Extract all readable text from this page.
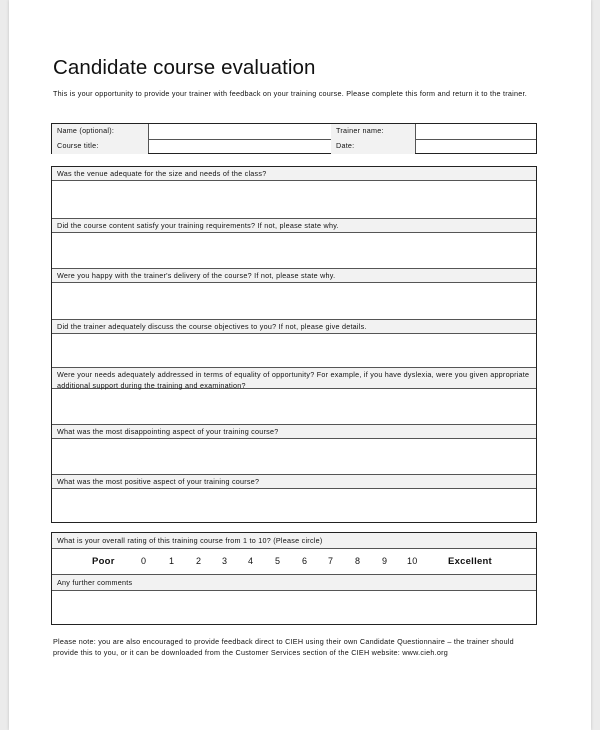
Candidate course evaluation

This is your opportunity to provide your trainer with feedback on your training course. Please complete this form and return it to the trainer.

Name (optional):	Trainer name:
Course title:	Date:
Was the venue adequate for the size and needs of the class?
Did the course content satisfy your training requirements? If not, please state why.
Were you happy with the trainer's delivery of the course? If not, please state why.
Did the trainer adequately discuss the course objectives to you? If not, please give details.
Were your needs adequately addressed in terms of equality of opportunity? For example, if you have dyslexia, were you given appropriate additional support during the training and examination?
What was the most disappointing aspect of your training course?
What was the most positive aspect of your training course?
What is your overall rating of this training course from 1 to 10? (Please circle)
Poor	0	1 2 3 4 5 6 7 8 9 10	Excellent
Any further comments

Please note: you are also encouraged to provide feedback direct to CIEH using their own Candidate Questionnaire – the trainer should provide this to you, or it can be downloaded from the Customer Services section of the CIEH website: www.cieh.org
